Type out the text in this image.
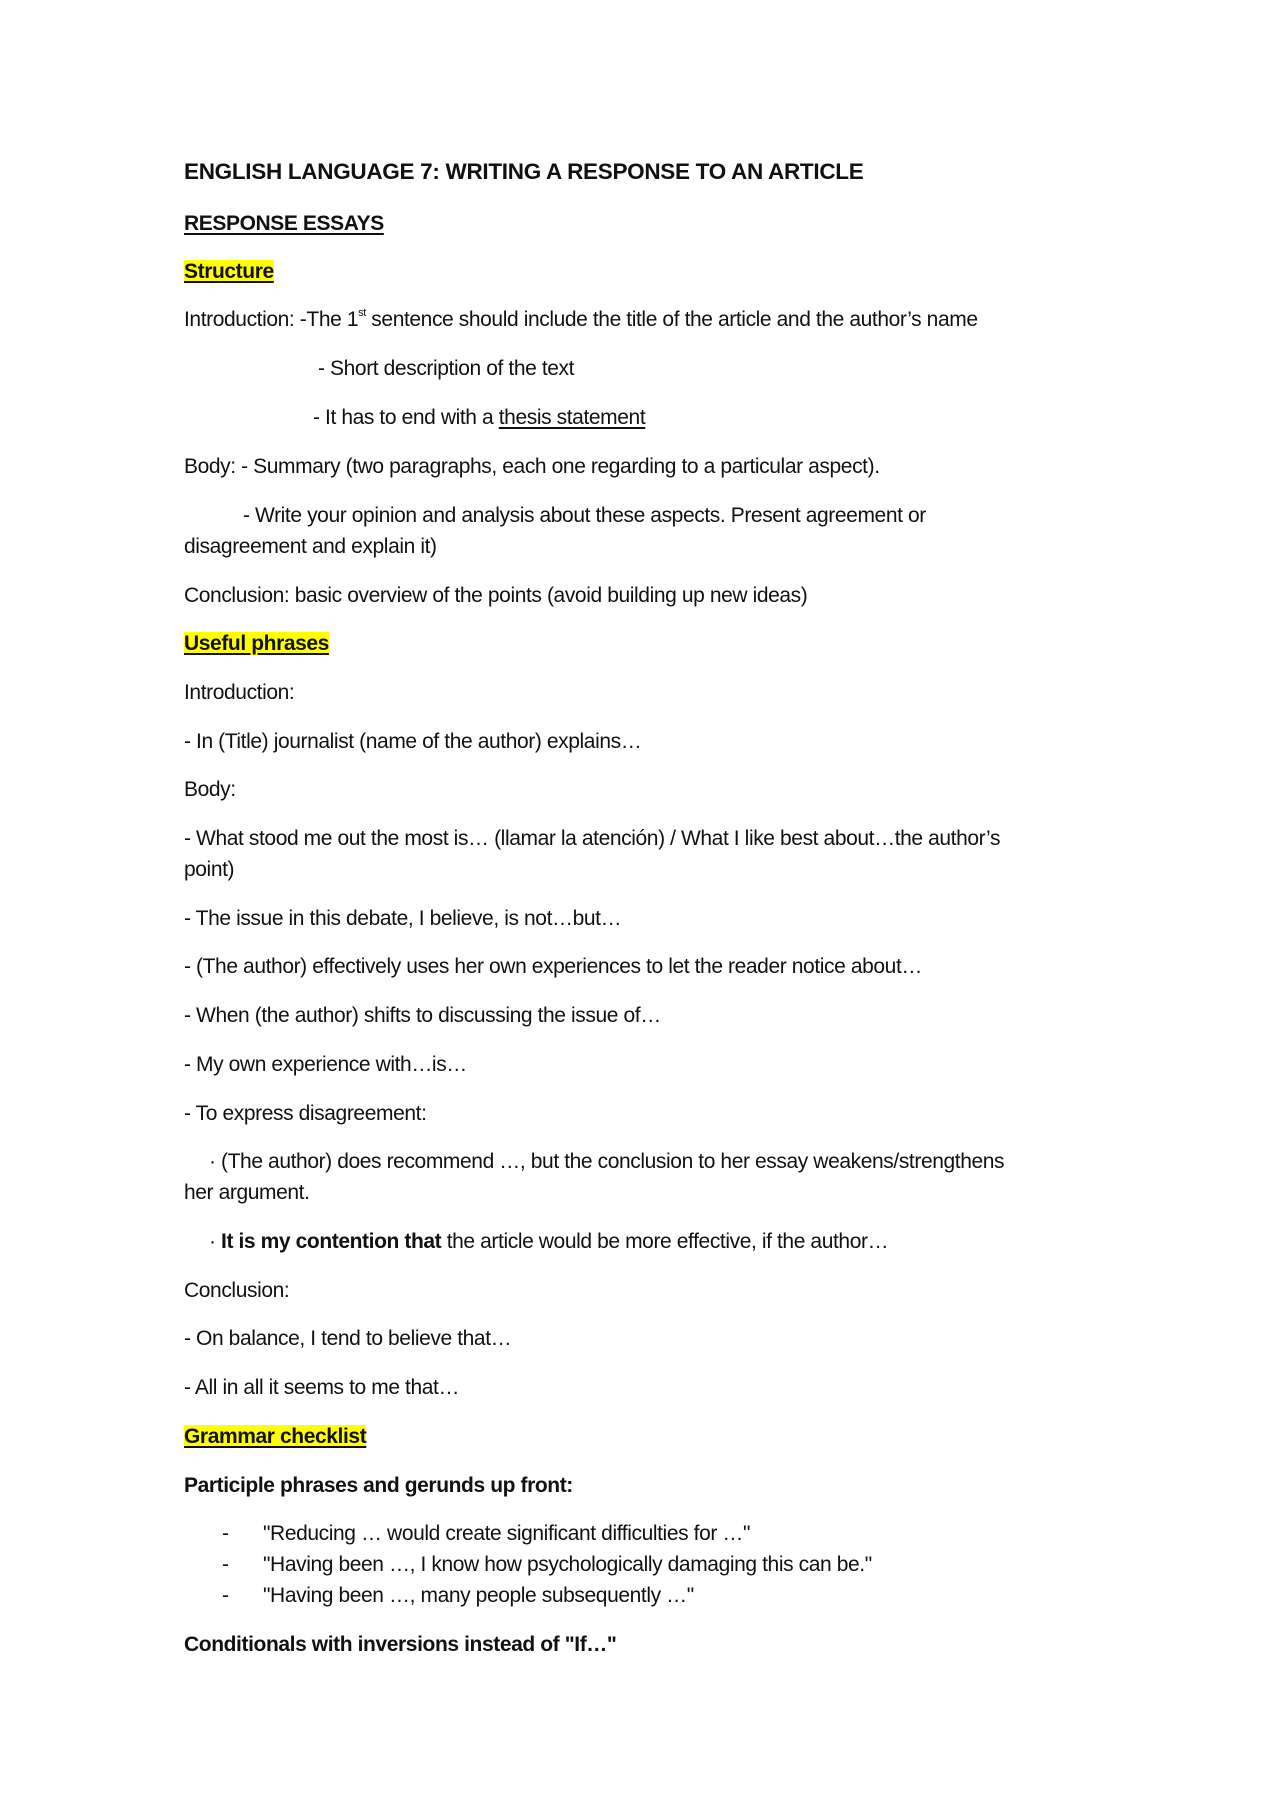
ENGLISH LANGUAGE 7: WRITING A RESPONSE TO AN ARTICLE
RESPONSE ESSAYS
Structure
Introduction: -The 1st sentence should include the title of the article and the author’s name
- Short description of the text
- It has to end with a thesis statement
Body: - Summary (two paragraphs, each one regarding to a particular aspect).
- Write your opinion and analysis about these aspects. Present agreement or
disagreement and explain it)
Conclusion: basic overview of the points (avoid building up new ideas)
Useful phrases
Introduction:
- In (Title) journalist (name of the author) explains…
Body:
- What stood me out the most is… (llamar la atención) / What I like best about…the author’s
point)
- The issue in this debate, I believe, is not…but…
- (The author) effectively uses her own experiences to let the reader notice about…
- When (the author) shifts to discussing the issue of…
- My own experience with…is…
- To express disagreement:
· (The author) does recommend …, but the conclusion to her essay weakens/strengthens
her argument.
· It is my contention that the article would be more effective, if the author…
Conclusion:
- On balance, I tend to believe that…
- All in all it seems to me that…
Grammar checklist
Participle phrases and gerunds up front:
- "Reducing … would create significant difficulties for …"
- "Having been …, I know how psychologically damaging this can be."
- "Having been …, many people subsequently …"
Conditionals with inversions instead of "If…"
